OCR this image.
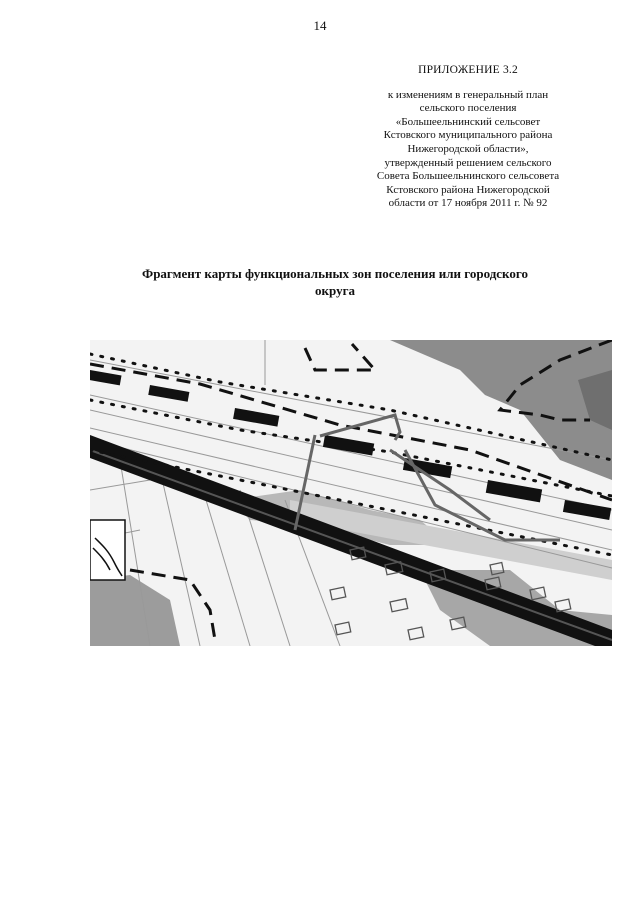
14
ПРИЛОЖЕНИЕ 3.2
к изменениям в генеральный план
сельского поселения
«Большеельнинский сельсовет
Кстовского муниципального района
Нижегородской области»,
утвержденный решением сельского
Совета Большеельнинского сельсовета
Кстовского района Нижегородской
области от 17 ноября 2011 г. № 92
Фрагмент карты функциональных зон поселения или городского
округа
